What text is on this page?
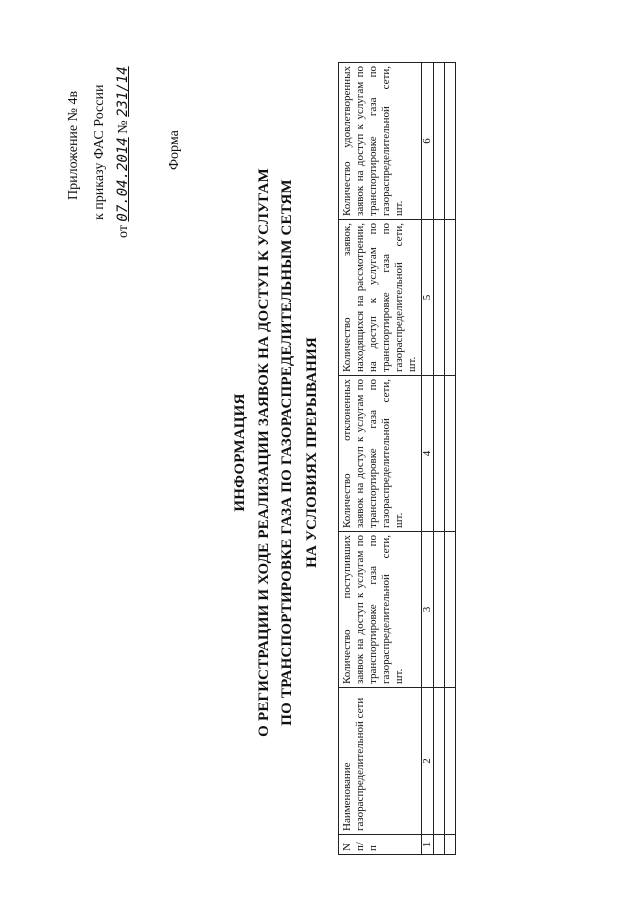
Приложение № 4в к приказу ФАС России
от 07.04.2014 № 231/14
Форма
ИНФОРМАЦИЯ О РЕГИСТРАЦИИ И ХОДЕ РЕАЛИЗАЦИИ ЗАЯВОК НА ДОСТУП К УСЛУГАМ ПО ТРАНСПОРТИРОВКЕ ГАЗА ПО ГАЗОРАСПРЕДЕЛИТЕЛЬНЫМ СЕТЯМ НА УСЛОВИЯХ ПРЕРЫВАНИЯ
N п/п	Наименование газораспределительной сети	Количество поступивших заявок на доступ к услугам по транспортировке газа по газораспределительной сети, шт.	Количество отклоненных заявок на доступ к услугам по транспортировке газа по газораспределительной сети, шт.	Количество заявок, находящихся на рассмотрении, на доступ к услугам по транспортировке газа по газораспределительной сети, шт.	Количество удовлетворенных заявок на доступ к услугам по транспортировке газа по газораспределительной сети, шт.
1	2	3	4	5	6
